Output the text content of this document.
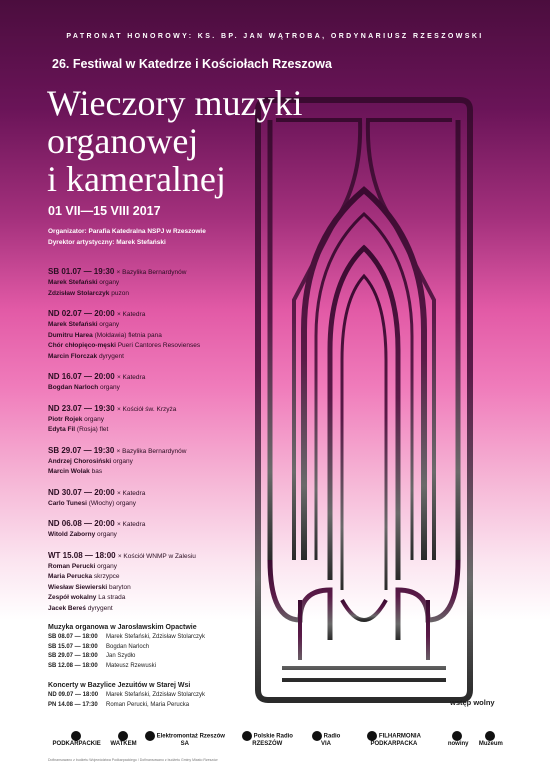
PATRONAT HONOROWY: KS. BP. JAN WĄTROBA, ORDYNARIUSZ RZESZOWSKI
26. Festiwal w Katedrze i Kościołach Rzeszowa
Wieczory muzyki
organowej
i kameralnej
01 VII—15 VIII 2017
Organizator: Parafia Katedralna NSPJ w Rzeszowie
Dyrektor artystyczny: Marek Stefański
SB 01.07 — 19:30 × Bazylika Bernardynów
Marek Stefański organy
Zdzisław Stolarczyk puzon
ND 02.07 — 20:00 × Katedra
Marek Stefański organy
Dumitru Harea (Mołdawia) fletnia pana
Chór chłopięco-męski Pueri Cantores Resovienses
Marcin Florczak dyrygent
ND 16.07 — 20:00 × Katedra
Bogdan Narloch organy
ND 23.07 — 19:30 × Kościół św. Krzyża
Piotr Rojek organy
Edyta Fil (Rosja) flet
SB 29.07 — 19:30 × Bazylika Bernardynów
Andrzej Chorosiński organy
Marcin Wolak bas
ND 30.07 — 20:00 × Katedra
Carlo Tunesi (Włochy) organy
ND 06.08 — 20:00 × Katedra
Witold Zaborny organy
WT 15.08 — 18:00 × Kościół WNMP w Zalesiu
Roman Perucki organy
Maria Perucka skrzypce
Wiesław Siewierski baryton
Zespół wokalny La strada
Jacek Bereś dyrygent
Muzyka organowa w Jarosławskim Opactwie
SB 08.07 — 18:00 Marek Stefański, Zdzisław Stolarczyk
SB 15.07 — 18:00 Bogdan Narloch
SB 29.07 — 18:00 Jan Szydło
SB 12.08 — 18:00 Mateusz Rzewuski
Koncerty w Bazylice Jezuitów w Starej Wsi
ND 09.07 — 18:00 Marek Stefański, Zdzisław Stolarczyk
PN 14.08 — 17:30 Roman Perucki, Maria Perucka	wstęp wolny
PODKARPACKIE	WATKEM
Elektromontaż Rzeszów SA
Polskie Radio RZESZÓW
Radio VIA
FILHARMONIA PODKARPACKA	nowiny	Muzeum
Dofinansowano z budżetu Województwa Podkarpackiego / Dofinansowano z budżetu Gminy Miasto Rzeszów
